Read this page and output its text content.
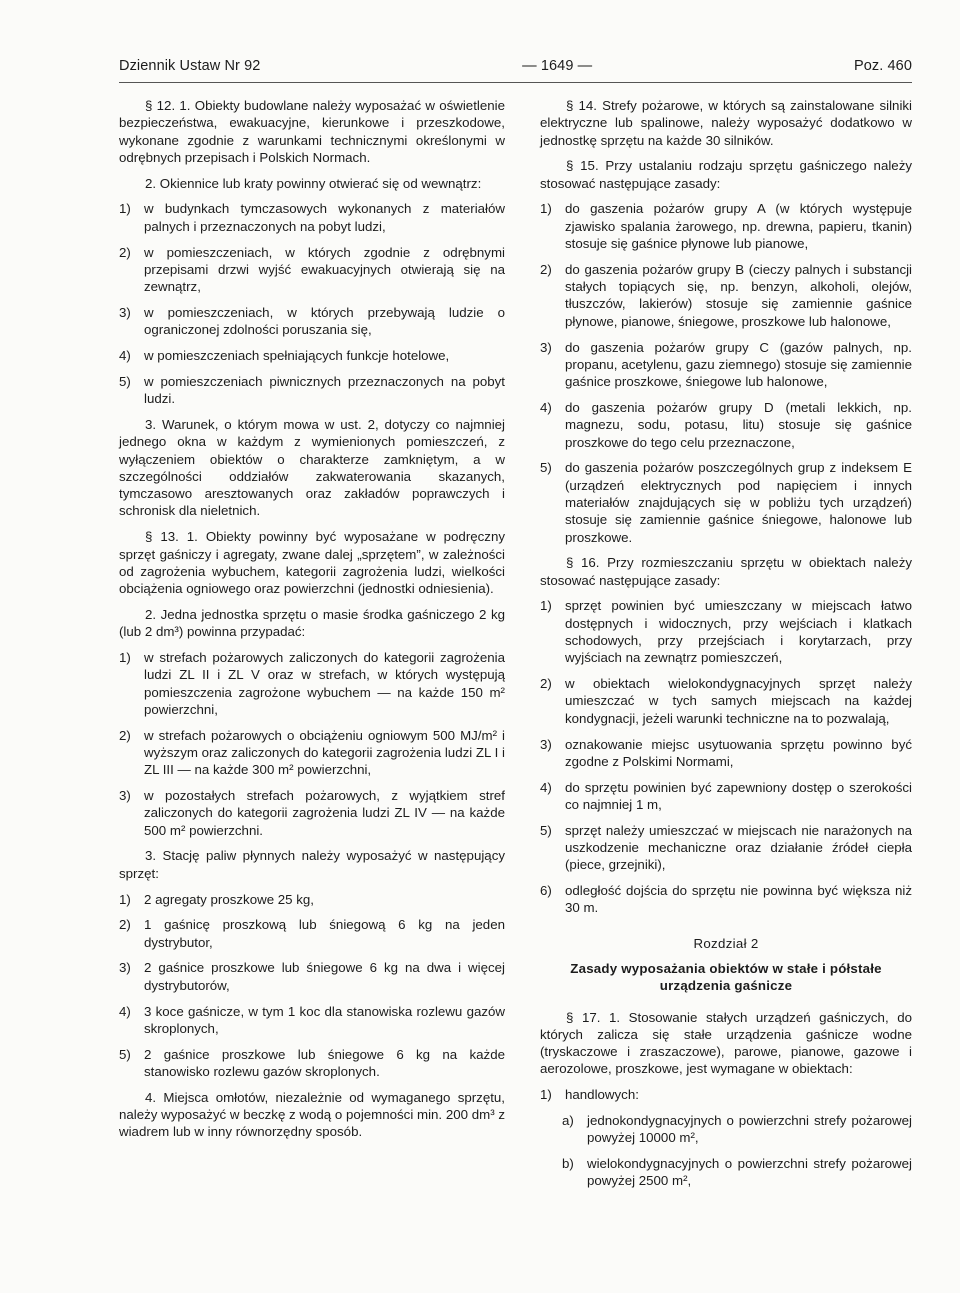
Dziennik Ustaw Nr 92	— 1649 —	Poz. 460

§ 12. 1. Obiekty budowlane należy wyposażać w oświetlenie bezpieczeństwa, ewakuacyjne, kierunkowe i przeszkodowe, wykonane zgodnie z warunkami technicznymi określonymi w odrębnych przepisach i Polskich Normach.

2. Okiennice lub kraty powinny otwierać się od wewnątrz:

1) w budynkach tymczasowych wykonanych z materiałów palnych i przeznaczonych na pobyt ludzi,
2) w pomieszczeniach, w których zgodnie z odrębnymi przepisami drzwi wyjść ewakuacyjnych otwierają się na zewnątrz,
3) w pomieszczeniach, w których przebywają ludzie o ograniczonej zdolności poruszania się,
4) w pomieszczeniach spełniających funkcje hotelowe,
5) w pomieszczeniach piwnicznych przeznaczonych na pobyt ludzi.

3. Warunek, o którym mowa w ust. 2, dotyczy co najmniej jednego okna w każdym z wymienionych pomieszczeń, z wyłączeniem obiektów o charakterze zamkniętym, a w szczególności oddziałów zakwaterowania skazanych, tymczasowo aresztowanych oraz zakładów poprawczych i schronisk dla nieletnich.

§ 13. 1. Obiekty powinny być wyposażane w podręczny sprzęt gaśniczy i agregaty, zwane dalej „sprzętem”, w zależności od zagrożenia wybuchem, kategorii zagrożenia ludzi, wielkości obciążenia ogniowego oraz powierzchni (jednostki odniesienia).

2. Jedna jednostka sprzętu o masie środka gaśniczego 2 kg (lub 2 dm³) powinna przypadać:

1) w strefach pożarowych zaliczonych do kategorii zagrożenia ludzi ZL II i ZL V oraz w strefach, w których występują pomieszczenia zagrożone wybuchem — na każde 150 m² powierzchni,
2) w strefach pożarowych o obciążeniu ogniowym 500 MJ/m² i wyższym oraz zaliczonych do kategorii zagrożenia ludzi ZL I i ZL III — na każde 300 m² powierzchni,
3) w pozostałych strefach pożarowych, z wyjątkiem stref zaliczonych do kategorii zagrożenia ludzi ZL IV — na każde 500 m² powierzchni.

3. Stację paliw płynnych należy wyposażyć w następujący sprzęt:

1) 2 agregaty proszkowe 25 kg,
2) 1 gaśnicę proszkową lub śniegową 6 kg na jeden dystrybutor,
3) 2 gaśnice proszkowe lub śniegowe 6 kg na dwa i więcej dystrybutorów,
4) 3 koce gaśnicze, w tym 1 koc dla stanowiska rozlewu gazów skroplonych,
5) 2 gaśnice proszkowe lub śniegowe 6 kg na każde stanowisko rozlewu gazów skroplonych.

4. Miejsca omłotów, niezależnie od wymaganego sprzętu, należy wyposażyć w beczkę z wodą o pojemności min. 200 dm³ z wiadrem lub w inny równorzędny sposób.

§ 14. Strefy pożarowe, w których są zainstalowane silniki elektryczne lub spalinowe, należy wyposażyć dodatkowo w jednostkę sprzętu na każde 30 silników.

§ 15. Przy ustalaniu rodzaju sprzętu gaśniczego należy stosować następujące zasady:

1) do gaszenia pożarów grupy A (w których występuje zjawisko spalania żarowego, np. drewna, papieru, tkanin) stosuje się gaśnice płynowe lub pianowe,
2) do gaszenia pożarów grupy B (cieczy palnych i substancji stałych topiących się, np. benzyn, alkoholi, olejów, tłuszczów, lakierów) stosuje się zamiennie gaśnice płynowe, pianowe, śniegowe, proszkowe lub halonowe,
3) do gaszenia pożarów grupy C (gazów palnych, np. propanu, acetylenu, gazu ziemnego) stosuje się zamiennie gaśnice proszkowe, śniegowe lub halonowe,
4) do gaszenia pożarów grupy D (metali lekkich, np. magnezu, sodu, potasu, litu) stosuje się gaśnice proszkowe do tego celu przeznaczone,
5) do gaszenia pożarów poszczególnych grup z indeksem E (urządzeń elektrycznych pod napięciem i innych materiałów znajdujących się w pobliżu tych urządzeń) stosuje się zamiennie gaśnice śniegowe, halonowe lub proszkowe.

§ 16. Przy rozmieszczaniu sprzętu w obiektach należy stosować następujące zasady:

1) sprzęt powinien być umieszczany w miejscach łatwo dostępnych i widocznych, przy wejściach i klatkach schodowych, przy przejściach i korytarzach, przy wyjściach na zewnątrz pomieszczeń,
2) w obiektach wielokondygnacyjnych sprzęt należy umieszczać w tych samych miejscach na każdej kondygnacji, jeżeli warunki techniczne na to pozwalają,
3) oznakowanie miejsc usytuowania sprzętu powinno być zgodne z Polskimi Normami,
4) do sprzętu powinien być zapewniony dostęp o szerokości co najmniej 1 m,
5) sprzęt należy umieszczać w miejscach nie narażonych na uszkodzenie mechaniczne oraz działanie źródeł ciepła (piece, grzejniki),
6) odległość dojścia do sprzętu nie powinna być większa niż 30 m.
Rozdział 2
Zasady wyposażania obiektów w stałe i półstałe urządzenia gaśnicze

§ 17. 1. Stosowanie stałych urządzeń gaśniczych, do których zalicza się stałe urządzenia gaśnicze wodne (tryskaczowe i zraszaczowe), parowe, pianowe, gazowe i aerozolowe, proszkowe, jest wymagane w obiektach:

1) handlowych:
a) jednokondygnacyjnych o powierzchni strefy pożarowej powyżej 10000 m²,
b) wielokondygnacyjnych o powierzchni strefy pożarowej powyżej 2500 m²,
